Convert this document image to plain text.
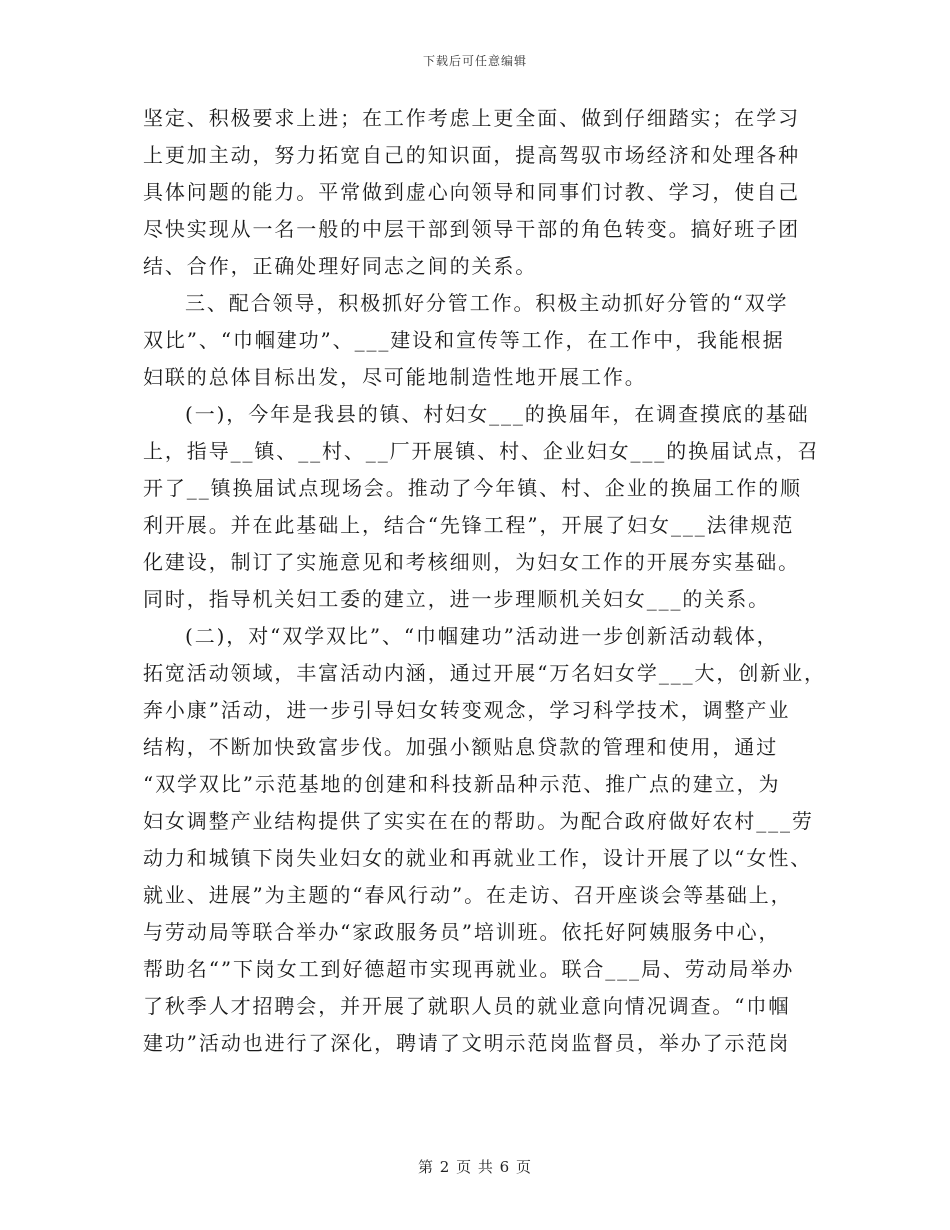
下载后可任意编辑
坚定、积极要求上进；在工作考虑上更全面、做到仔细踏实；在学习
上更加主动，努力拓宽自己的知识面，提高驾驭市场经济和处理各种
具体问题的能力。平常做到虚心向领导和同事们讨教、学习，使自己
尽快实现从一名一般的中层干部到领导干部的角色转变。搞好班子团
结、合作，正确处理好同志之间的关系。
三、配合领导，积极抓好分管工作。积极主动抓好分管的“双学
双比”、“巾帼建功”、___建设和宣传等工作，在工作中，我能根据
妇联的总体目标出发，尽可能地制造性地开展工作。
(一)，今年是我县的镇、村妇女___的换届年，在调查摸底的基础
上，指导__镇、__村、__厂开展镇、村、企业妇女___的换届试点，召
开了__镇换届试点现场会。推动了今年镇、村、企业的换届工作的顺
利开展。并在此基础上，结合“先锋工程”，开展了妇女___法律规范
化建设，制订了实施意见和考核细则，为妇女工作的开展夯实基础。
同时，指导机关妇工委的建立，进一步理顺机关妇女___的关系。
(二)，对“双学双比”、“巾帼建功”活动进一步创新活动载体，
拓宽活动领域，丰富活动内涵，通过开展“万名妇女学___大，创新业，
奔小康”活动，进一步引导妇女转变观念，学习科学技术，调整产业
结构，不断加快致富步伐。加强小额贴息贷款的管理和使用，通过
“双学双比”示范基地的创建和科技新品种示范、推广点的建立，为
妇女调整产业结构提供了实实在在的帮助。为配合政府做好农村___劳
动力和城镇下岗失业妇女的就业和再就业工作，设计开展了以“女性、
就业、进展”为主题的“春风行动”。在走访、召开座谈会等基础上，
与劳动局等联合举办“家政服务员”培训班。依托好阿姨服务中心，
帮助名“”下岗女工到好德超市实现再就业。联合___局、劳动局举办
了秋季人才招聘会，并开展了就职人员的就业意向情况调查。“巾帼
建功”活动也进行了深化，聘请了文明示范岗监督员，举办了示范岗
第 2 页 共 6 页
